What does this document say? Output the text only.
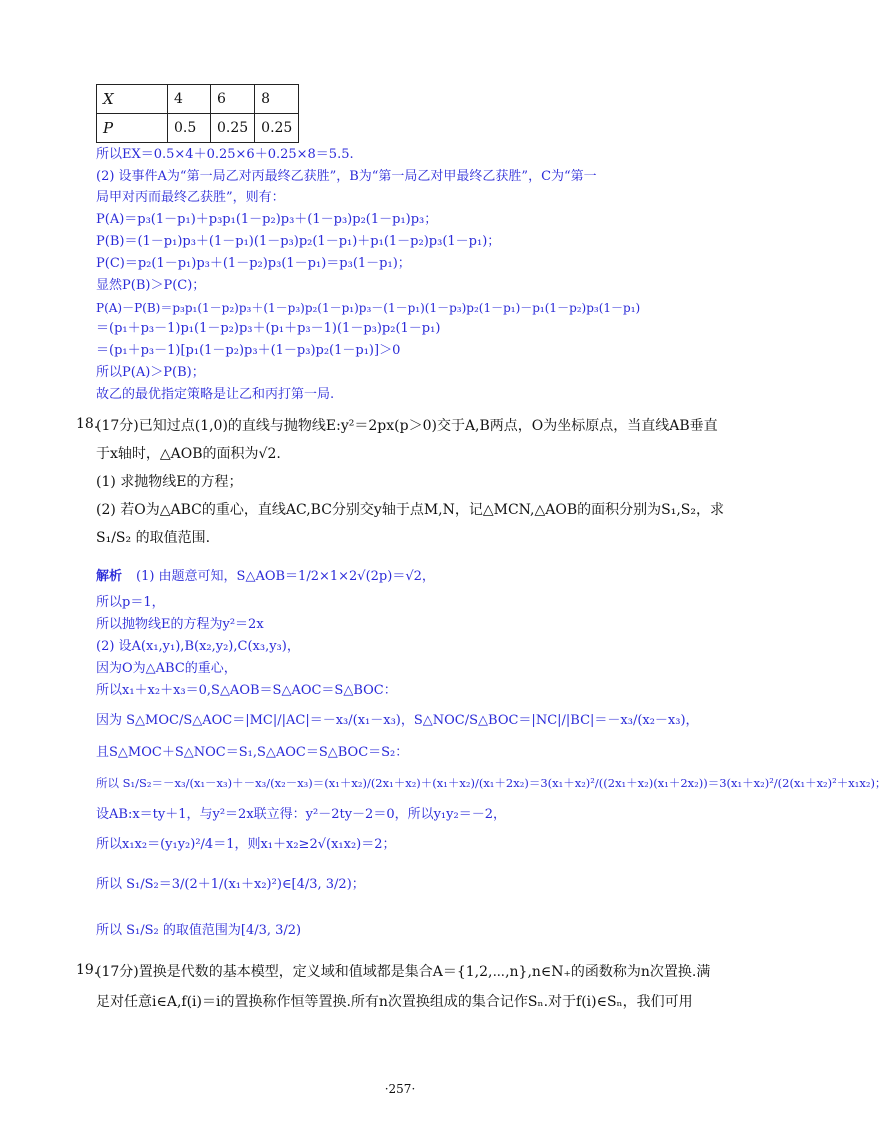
X	4	6	8
P	0.5	0.25	0.25
所以EX＝0.5×4＋0.25×6＋0.25×8＝5.5.
(2) 设事件A为“第一局乙对丙最终乙获胜”，B为“第一局乙对甲最终乙获胜”，C为“第一
局甲对丙而最终乙获胜”，则有：
P(A)＝p₃(1－p₁)＋p₃p₁(1－p₂)p₃＋(1－p₃)p₂(1－p₁)p₃；
P(B)＝(1－p₁)p₃＋(1－p₁)(1－p₃)p₂(1－p₁)＋p₁(1－p₂)p₃(1－p₁)；
P(C)＝p₂(1－p₁)p₃＋(1－p₂)p₃(1－p₁)＝p₃(1－p₁)；
显然P(B)＞P(C)；
P(A)－P(B)＝p₃p₁(1－p₂)p₃＋(1－p₃)p₂(1－p₁)p₃－(1－p₁)(1－p₃)p₂(1－p₁)－p₁(1－p₂)p₃(1－p₁)
＝(p₁＋p₃－1)p₁(1－p₂)p₃＋(p₁＋p₃－1)(1－p₃)p₂(1－p₁)
＝(p₁＋p₃－1)[p₁(1－p₂)p₃＋(1－p₃)p₂(1－p₁)]＞0
所以P(A)＞P(B)；
故乙的最优指定策略是让乙和丙打第一局.
18.
(17分)已知过点(1,0)的直线与抛物线E:y²＝2px(p＞0)交于A,B两点，O为坐标原点，当直线AB垂直
于x轴时，△AOB的面积为√2.
(1) 求抛物线E的方程；
(2) 若O为△ABC的重心，直线AC,BC分别交y轴于点M,N，记△MCN,△AOB的面积分别为S₁,S₂，求
S₁/S₂ 的取值范围.
解析 (1) 由题意可知，S△AOB＝1/2×1×2√(2p)＝√2，
所以p＝1，
所以抛物线E的方程为y²＝2x
(2) 设A(x₁,y₁),B(x₂,y₂),C(x₃,y₃)，
因为O为△ABC的重心，
所以x₁＋x₂＋x₃＝0,S△AOB＝S△AOC＝S△BOC：
因为 S△MOC/S△AOC＝|MC|/|AC|＝－x₃/(x₁－x₃)，S△NOC/S△BOC＝|NC|/|BC|＝－x₃/(x₂－x₃)，
且S△MOC＋S△NOC＝S₁,S△AOC＝S△BOC＝S₂：
所以 S₁/S₂＝－x₃/(x₁－x₃)＋－x₃/(x₂－x₃)＝(x₁＋x₂)/(2x₁＋x₂)＋(x₁＋x₂)/(x₁＋2x₂)＝3(x₁＋x₂)²/((2x₁＋x₂)(x₁＋2x₂))＝3(x₁＋x₂)²/(2(x₁＋x₂)²＋x₁x₂)；
设AB:x＝ty＋1，与y²＝2x联立得：y²－2ty－2＝0，所以y₁y₂＝－2，
所以x₁x₂＝(y₁y₂)²/4＝1，则x₁＋x₂≥2√(x₁x₂)＝2；
所以 S₁/S₂＝3/(2＋1/(x₁＋x₂)²)∈[4/3, 3/2)；
所以 S₁/S₂ 的取值范围为[4/3, 3/2)
19.
(17分)置换是代数的基本模型，定义域和值域都是集合A＝{1,2,⋯,n},n∈N₊的函数称为n次置换.满
足对任意i∈A,f(i)＝i的置换称作恒等置换.所有n次置换组成的集合记作Sₙ.对于f(i)∈Sₙ，我们可用
·257·
